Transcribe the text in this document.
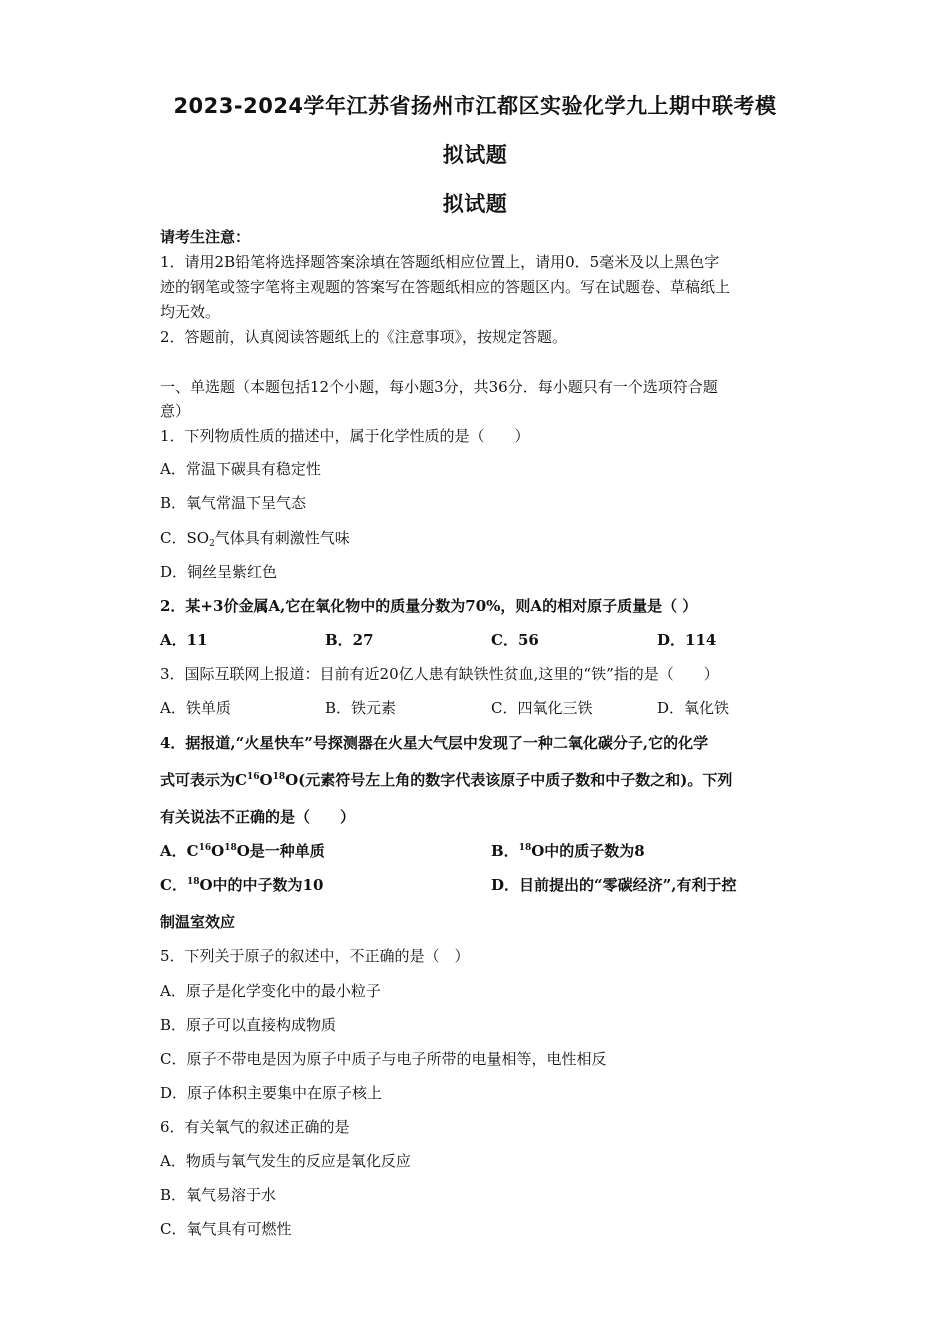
2023-2024学年江苏省扬州市江都区实验化学九上期中联考模
拟试题
拟试题
请考生注意：
1．请用2B铅笔将选择题答案涂填在答题纸相应位置上，请用0．5毫米及以上黑色字
迹的钢笔或签字笔将主观题的答案写在答题纸相应的答题区内。写在试题卷、草稿纸上
均无效。
2．答题前，认真阅读答题纸上的《注意事项》，按规定答题。
一、单选题（本题包括12个小题，每小题3分，共36分．每小题只有一个选项符合题
意）
1．下列物质性质的描述中，属于化学性质的是（　　）
A．常温下碳具有稳定性
B．氧气常温下呈气态
C．$SO_2$气体具有刺激性气味
D．铜丝呈紫红色
2．某+3价金属A,它在氧化物中的质量分数为70%，则A的相对原子质量是（ ）
A．11	B．27	C．56	D．114
3．国际互联网上报道：目前有近20亿人患有缺铁性贫血,这里的“铁”指的是（　　）
A．铁单质	B．铁元素	C．四氧化三铁	D．氧化铁
4．据报道,“火星快车”号探测器在火星大气层中发现了一种二氧化碳分子,它的化学
式可表示为$C^{16}O^{18}O$(元素符号左上角的数字代表该原子中质子数和中子数之和)。下列
有关说法不正确的是（　　）
A．$C^{16}O^{18}O$是一种单质	B．$^{18}$O中的质子数为8
C．$^{18}$O中的中子数为10	D．目前提出的“零碳经济”,有利于控
制温室效应
5．下列关于原子的叙述中，不正确的是（　）
A．原子是化学变化中的最小粒子
B．原子可以直接构成物质
C．原子不带电是因为原子中质子与电子所带的电量相等，电性相反
D．原子体积主要集中在原子核上
6．有关氧气的叙述正确的是
A．物质与氧气发生的反应是氧化反应
B．氧气易溶于水
C．氧气具有可燃性
